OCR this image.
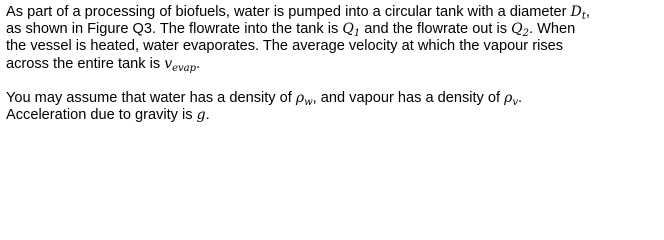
As part of a processing of biofuels, water is pumped into a circular tank with a diameter $D_t$,
as shown in Figure Q3. The flowrate into the tank is $Q_1$ and the flowrate out is $Q_2$. When
the vessel is heated, water evaporates. The average velocity at which the vapour rises
across the entire tank is $v_{evap}$.

You may assume that water has a density of $\rho_w$, and vapour has a density of $\rho_v$.
Acceleration due to gravity is g.
